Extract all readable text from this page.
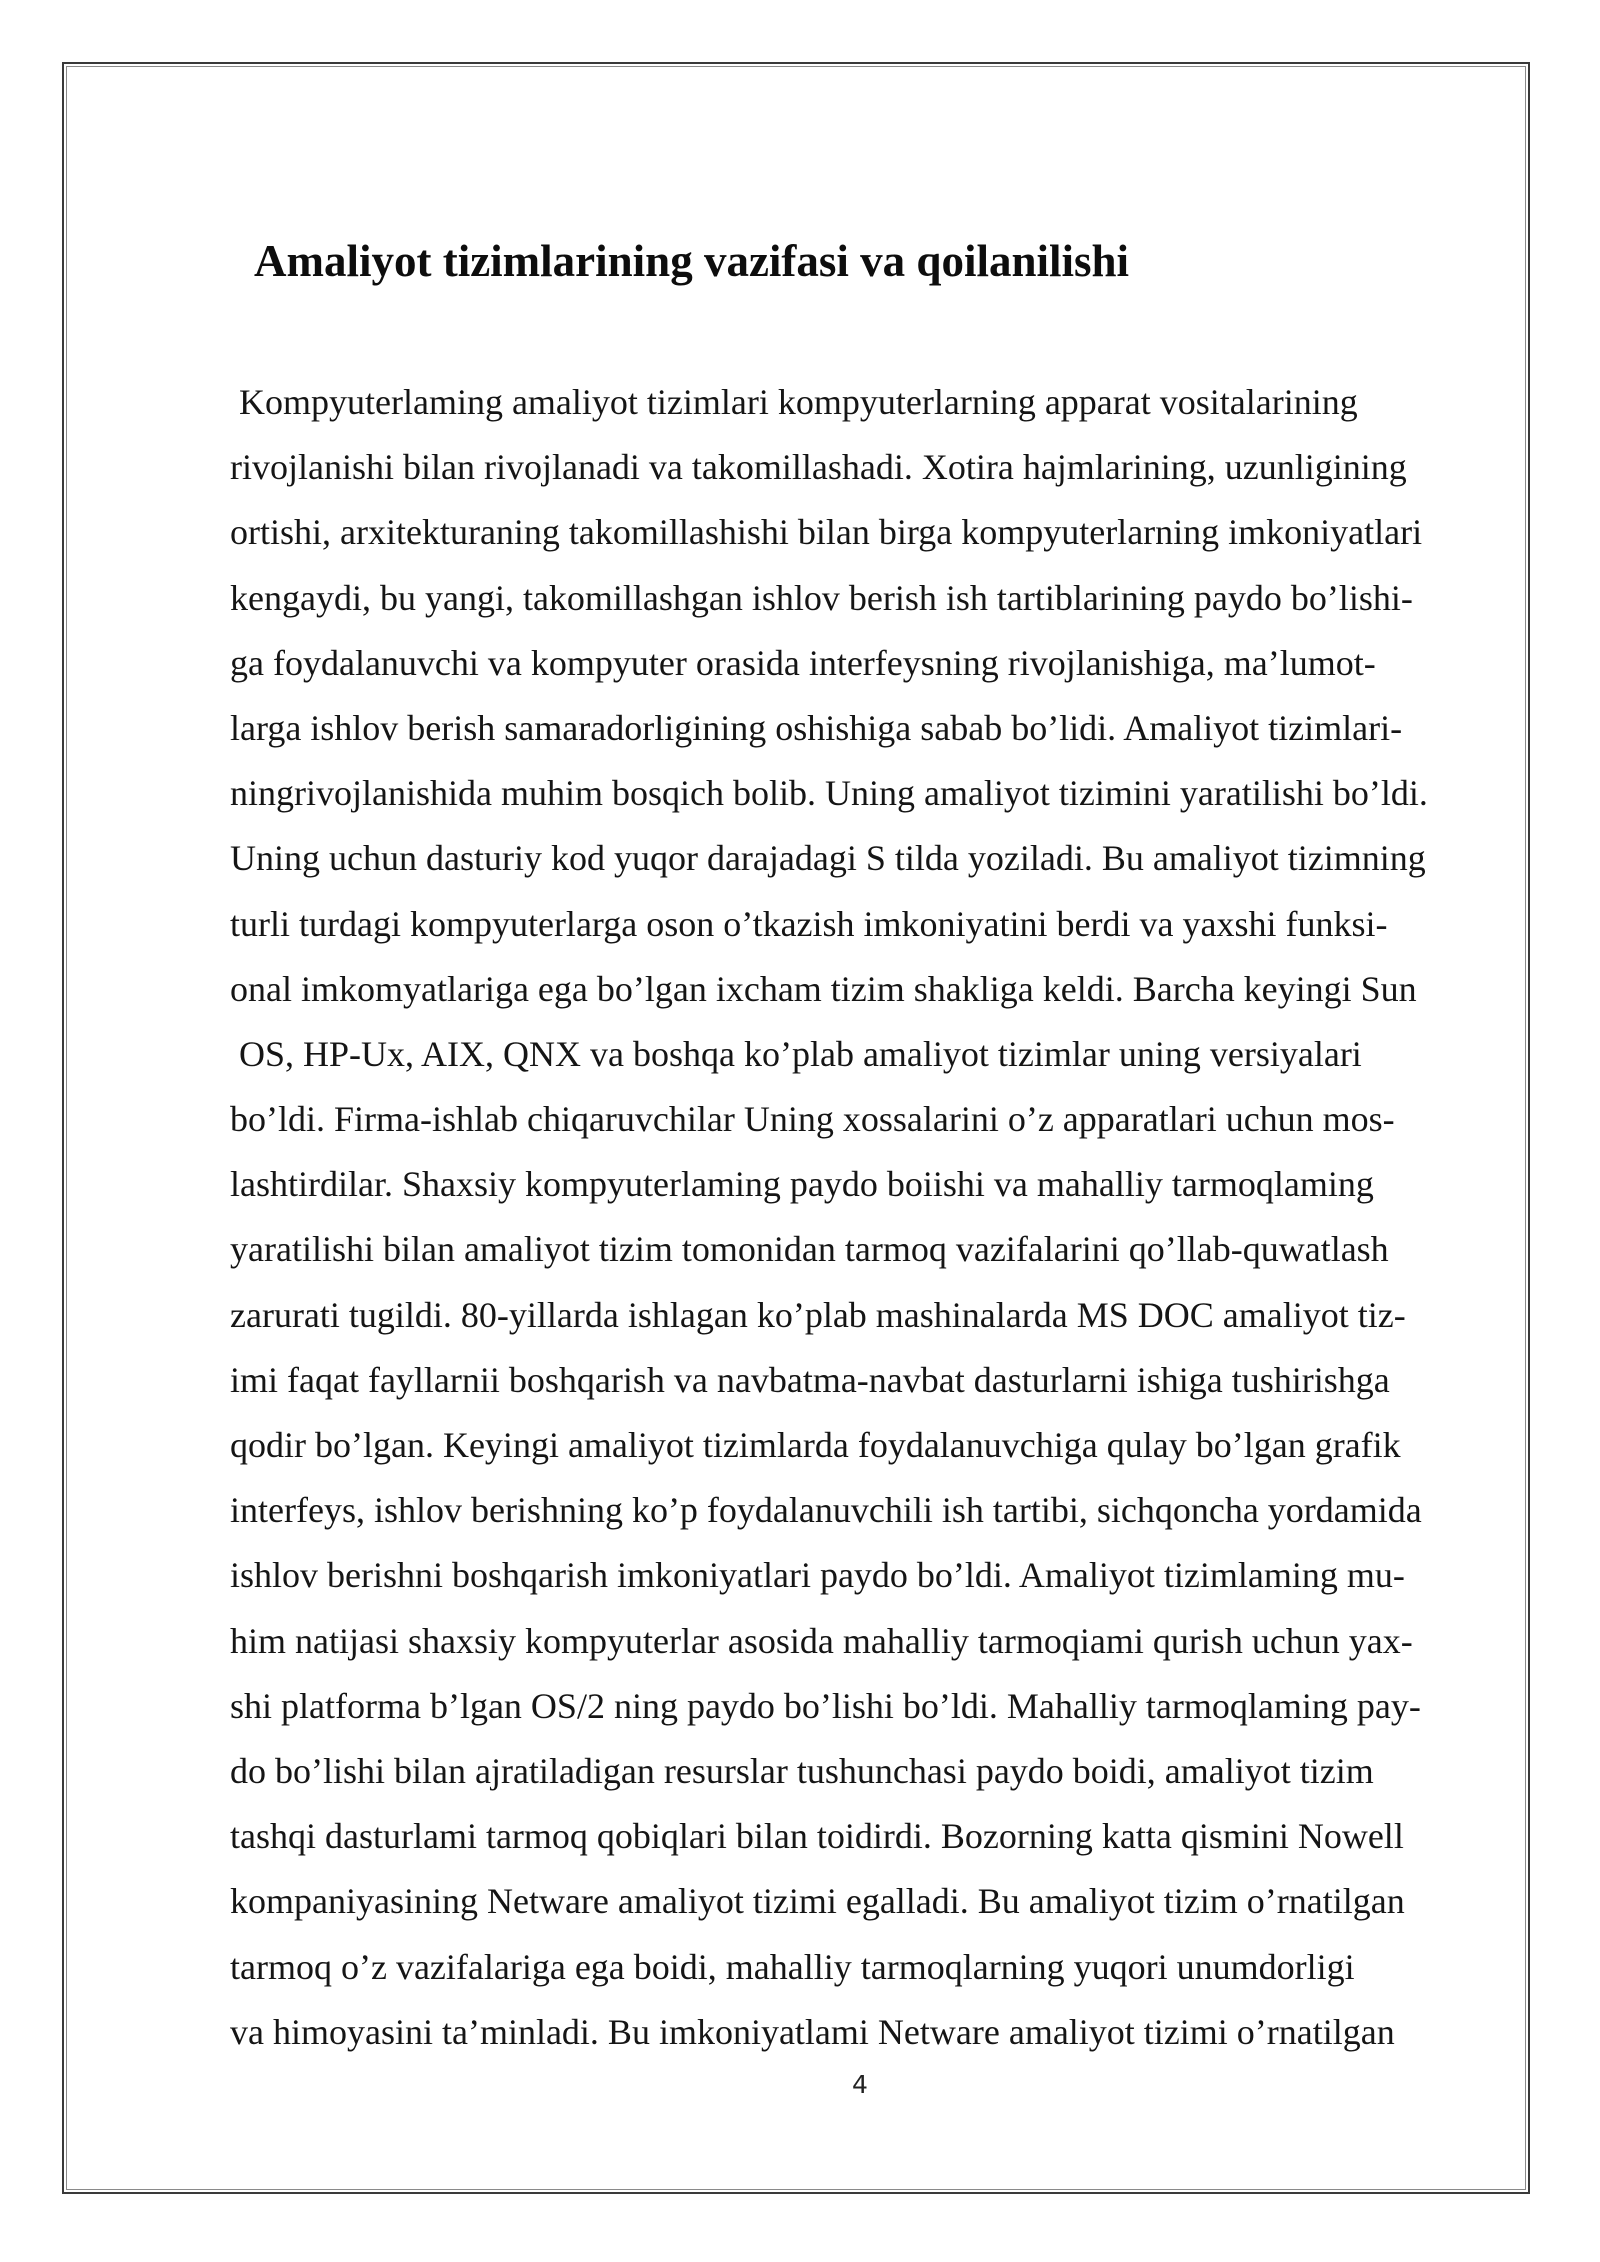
Amaliyot tizimlarining vazifasi va qoilanilishi
Kompyuterlaming amaliyot tizimlari kompyuterlarning apparat vositalarining
rivojlanishi bilan rivojlanadi va takomillashadi. Xotira hajmlarining, uzunligining
ortishi, arxitekturaning takomillashishi bilan birga kompyuterlarning imkoniyatlari
kengaydi, bu yangi, takomillashgan ishlov berish ish tartiblarining paydo bo’lishi-
ga foydalanuvchi va kompyuter orasida interfeysning rivojlanishiga, ma’lumot-
larga ishlov berish samaradorligining oshishiga sabab bo’lidi. Amaliyot tizimlari-
ningrivojlanishida muhim bosqich bolib. Uning amaliyot tizimini yaratilishi bo’ldi.
Uning uchun dasturiy kod yuqor darajadagi S tilda yoziladi. Bu amaliyot tizimning
turli turdagi kompyuterlarga oson o’tkazish imkoniyatini berdi va yaxshi funksi-
onal imkomyatlariga ega bo’lgan ixcham tizim shakliga keldi. Barcha keyingi Sun
OS, HP-Ux, AIX, QNX va boshqa ko’plab amaliyot tizimlar uning versiyalari
bo’ldi. Firma-ishlab chiqaruvchilar Uning xossalarini o’z apparatlari uchun mos-
lashtirdilar. Shaxsiy kompyuterlaming paydo boiishi va mahalliy tarmoqlaming
yaratilishi bilan amaliyot tizim tomonidan tarmoq vazifalarini qo’llab-quwatlash
zarurati tugildi. 80-yillarda ishlagan ko’plab mashinalarda MS DOC amaliyot tiz-
imi faqat fayllarnii boshqarish va navbatma-navbat dasturlarni ishiga tushirishga
qodir bo’lgan. Keyingi amaliyot tizimlarda foydalanuvchiga qulay bo’lgan grafik
interfeys, ishlov berishning ko’p foydalanuvchili ish tartibi, sichqoncha yordamida
ishlov berishni boshqarish imkoniyatlari paydo bo’ldi. Amaliyot tizimlaming mu-
him natijasi shaxsiy kompyuterlar asosida mahalliy tarmoqiami qurish uchun yax-
shi platforma b’lgan OS/2 ning paydo bo’lishi bo’ldi. Mahalliy tarmoqlaming pay-
do bo’lishi bilan ajratiladigan resurslar tushunchasi paydo boidi, amaliyot tizim
tashqi dasturlami tarmoq qobiqlari bilan toidirdi. Bozorning katta qismini Nowell
kompaniyasining Netware amaliyot tizimi egalladi. Bu amaliyot tizim o’rnatilgan
tarmoq o’z vazifalariga ega boidi, mahalliy tarmoqlarning yuqori unumdorligi
va himoyasini ta’minladi. Bu imkoniyatlami Netware amaliyot tizimi o’rnatilgan
4
